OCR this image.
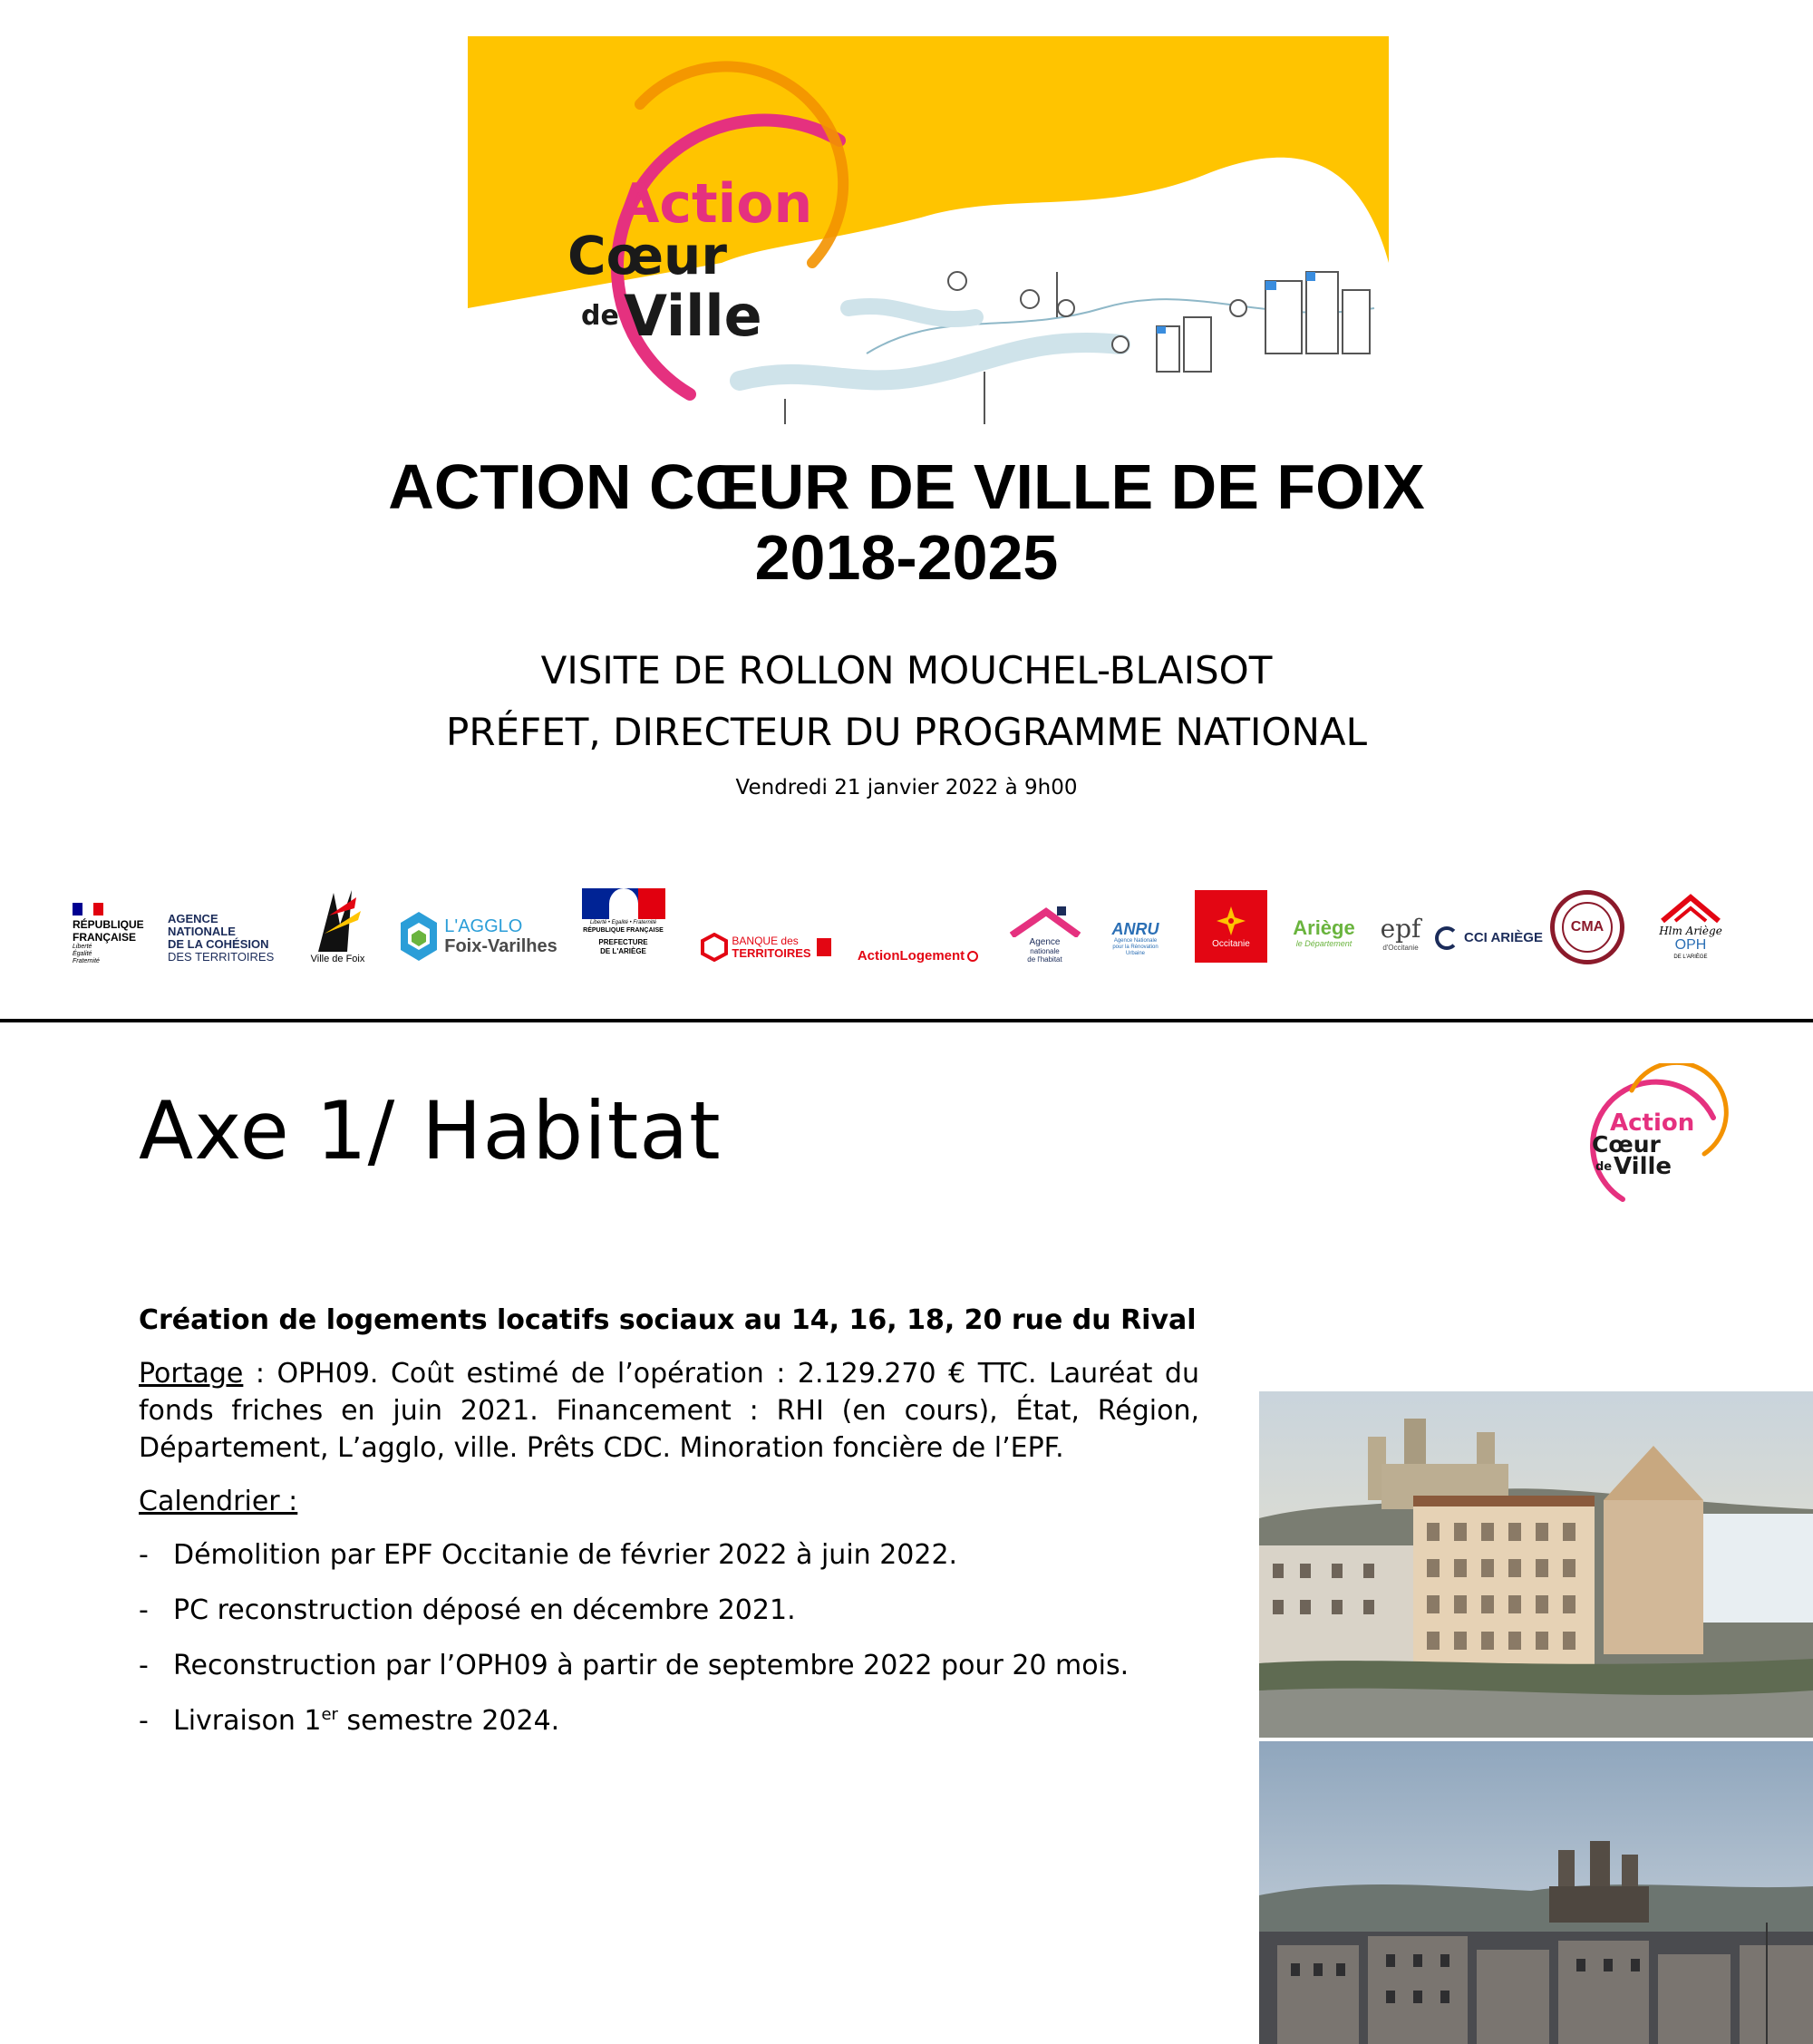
Action
Cœur
de Ville
ACTION CŒUR DE VILLE DE FOIX
2018-2025
VISITE DE ROLLON MOUCHEL-BLAISOT
PRÉFET, DIRECTEUR DU PROGRAMME NATIONAL
Vendredi 21 janvier 2022 à 9h00
RÉPUBLIQUE
FRANÇAISE
Liberté
Égalité
Fraternité
AGENCE
NATIONALE
DE LA COHÉSION
DES TERRITOIRES	Ville de Foix
L'AGGLO
Foix-Varilhes
Liberté • Égalité • Fraternité
RÉPUBLIQUE FRANÇAISE
PREFECTURE
DE L'ARIÈGE
BANQUE des
TERRITOIRES	ActionLogement
Agence
nationale
de l'habitat
ANRU
Agence Nationale
pour la Rénovation
Urbaine
Occitanie
Ariège
le Département epf
d'Occitanie
CCI ARIÈGE
CMA	Hlm Ariège
OPH
DE L'ARIÈGE
Axe 1/ Habitat	Action
Cœur
de Ville
Création de logements locatifs sociaux au 14, 16, 18, 20 rue du Rival
Portage : OPH09. Coût estimé de l’opération : 2.129.270 € TTC. Lauréat du fonds friches en juin 2021. Financement : RHI (en cours), État, Région, Département, L’agglo, ville. Prêts CDC. Minoration foncière de l’EPF.
Calendrier :
- Démolition par EPF Occitanie de février 2022 à juin 2022.
- PC reconstruction déposé en décembre 2021.
- Reconstruction par l’OPH09 à partir de septembre 2022 pour 20 mois.
- Livraison 1er semestre 2024.
